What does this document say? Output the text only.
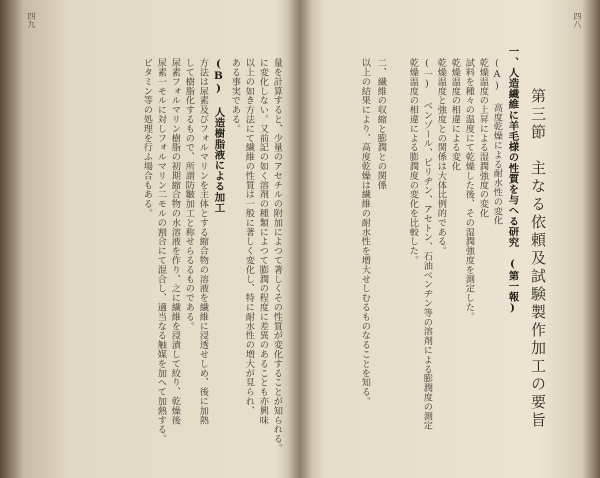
四八
第三節　主なる依頼及試験製作加工の要旨
一、人造繊維に羊毛様の性質を与へる研究　(第一報)
(A) 高度乾燥による耐水性の変化
乾燥温度の上昇による湿潤強度の変化
試料を種々の温度にて乾燥した後、その湿潤強度を測定した。
乾燥温度の相違による変化
乾燥温度と強度との関係は大体比例的である。
(一) ベンゾール、ピリヂン、アセトン、石油ベンヂン等の溶剤による膨潤度の測定
乾燥温度の相違による膨潤度の変化を比較した。
二、繊維の収縮と膨潤との関係
以上の結果により、高度乾燥は繊維の耐水性を増大せしむるものなることを知る。
四九
量を計算すると、少量のアセチルの附加によつて著しくその性質が変化することが知られる。
に変化しない。又前記の如く溶剤の種類によつて膨潤の程度に差異のあることも亦興味
以上の如き方法にて繊維の性質は一般に著しく変化し、特に耐水性の増大が見られ、
ある事実である。
(B) 人造樹脂液による加工
方法は尿素及びフォルマリンを主体とする縮合物の溶液を繊維に浸透せしめ、後に加熱
して樹脂化するもので、所謂防皺加工と称せらるるものである。
尿素フォルマリン樹脂の初期縮合物の水溶液を作り、之に繊維を浸漬して絞り、乾燥後
尿素一モルに対しフォルマリン二モルの割合にて混合し、適当なる触媒を加へて加熱する。
ビタミン等の処理を行ふ場合もある。
